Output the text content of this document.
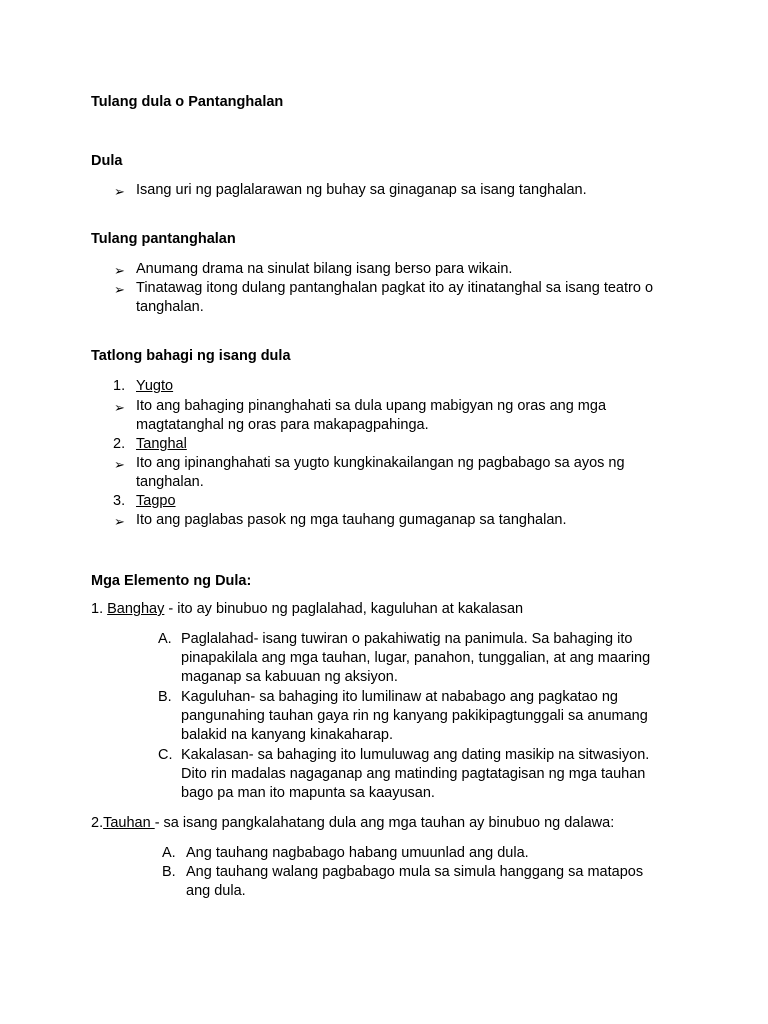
Tulang dula o Pantanghalan
Dula
➢ Isang uri ng paglalarawan ng buhay sa ginaganap sa isang tanghalan.
Tulang pantanghalan
➢ Anumang drama na sinulat bilang isang berso para wikain.
➢ Tinatawag itong dulang pantanghalan pagkat ito ay itinatanghal sa isang teatro o
tanghalan.
Tatlong bahagi ng isang dula
1. Yugto
➢ Ito ang bahaging pinanghahati sa dula upang mabigyan ng oras ang mga
magtatanghal ng oras para makapagpahinga.
2. Tanghal
➢ Ito ang ipinanghahati sa yugto kungkinakailangan ng pagbabago sa ayos ng
tanghalan.
3. Tagpo
➢ Ito ang paglabas pasok ng mga tauhang gumaganap sa tanghalan.
Mga Elemento ng Dula:
1. Banghay - ito ay binubuo ng paglalahad, kaguluhan at kakalasan
A. Paglalahad- isang tuwiran o pakahiwatig na panimula. Sa bahaging ito
pinapakilala ang mga tauhan, lugar, panahon, tunggalian, at ang maaring
maganap sa kabuuan ng aksiyon.
B. Kaguluhan- sa bahaging ito lumilinaw at nababago ang pagkatao ng
pangunahing tauhan gaya rin ng kanyang pakikipagtunggali sa anumang
balakid na kanyang kinakaharap.
C. Kakalasan- sa bahaging ito lumuluwag ang dating masikip na sitwasiyon.
Dito rin madalas nagaganap ang matinding pagtatagisan ng mga tauhan
bago pa man ito mapunta sa kaayusan.
2.Tauhan - sa isang pangkalahatang dula ang mga tauhan ay binubuo ng dalawa:
A. Ang tauhang nagbabago habang umuunlad ang dula.
B. Ang tauhang walang pagbabago mula sa simula hanggang sa matapos
ang dula.
